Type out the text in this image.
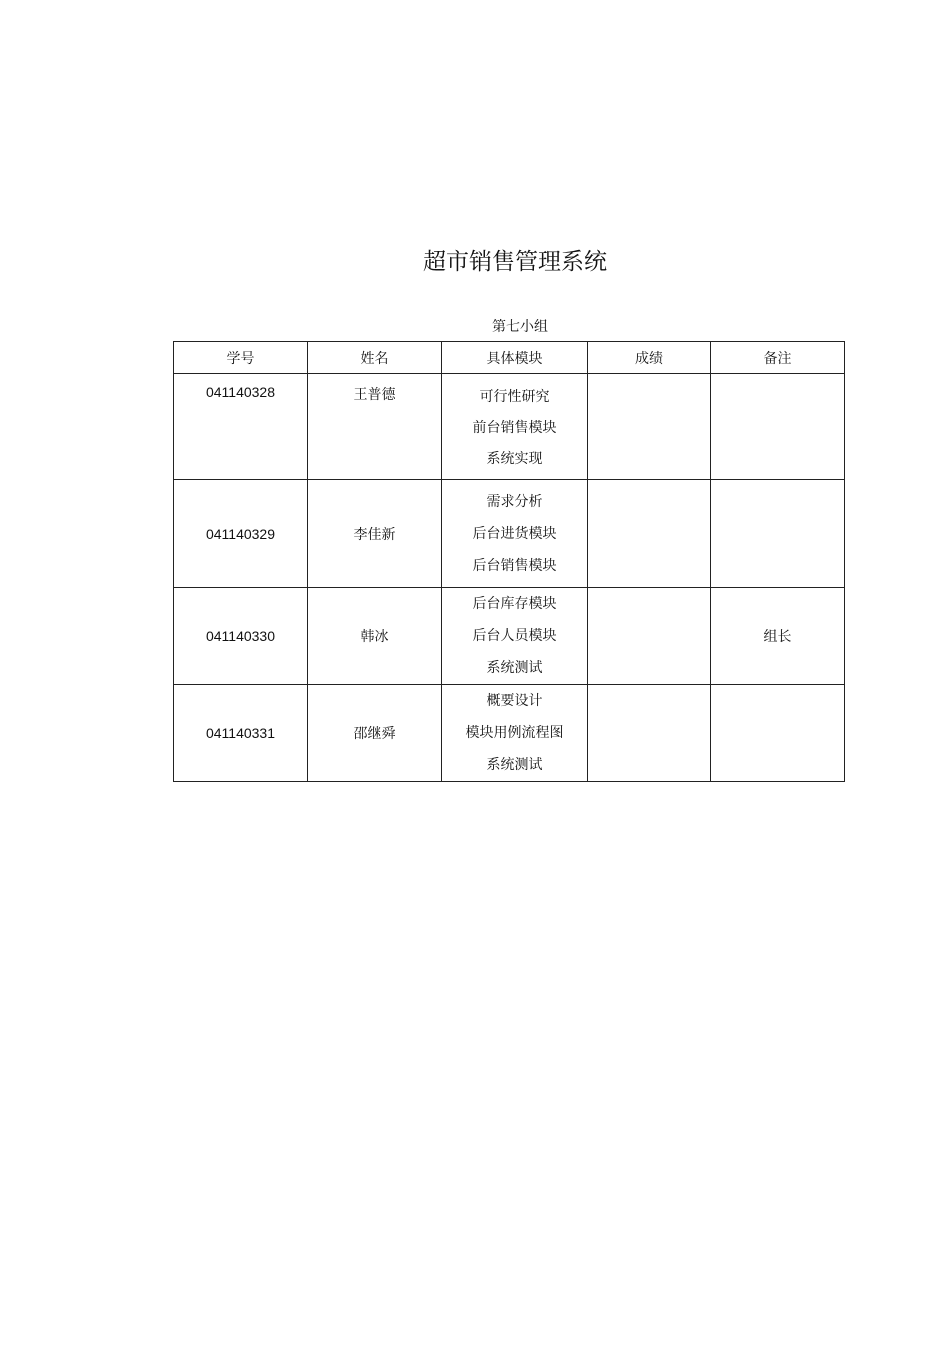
超市销售管理系统
第七小组
学号	姓名	具体模块	成绩	备注
041140328	王普德	可行性研究
前台销售模块
系统实现		

041140329	李佳新	需求分析
后台进货模块
后台销售模块		

041140330	韩冰	后台库存模块
后台人员模块
系统测试		组长
041140331	邵继舜	概要设计
模块用例流程图
系统测试		
